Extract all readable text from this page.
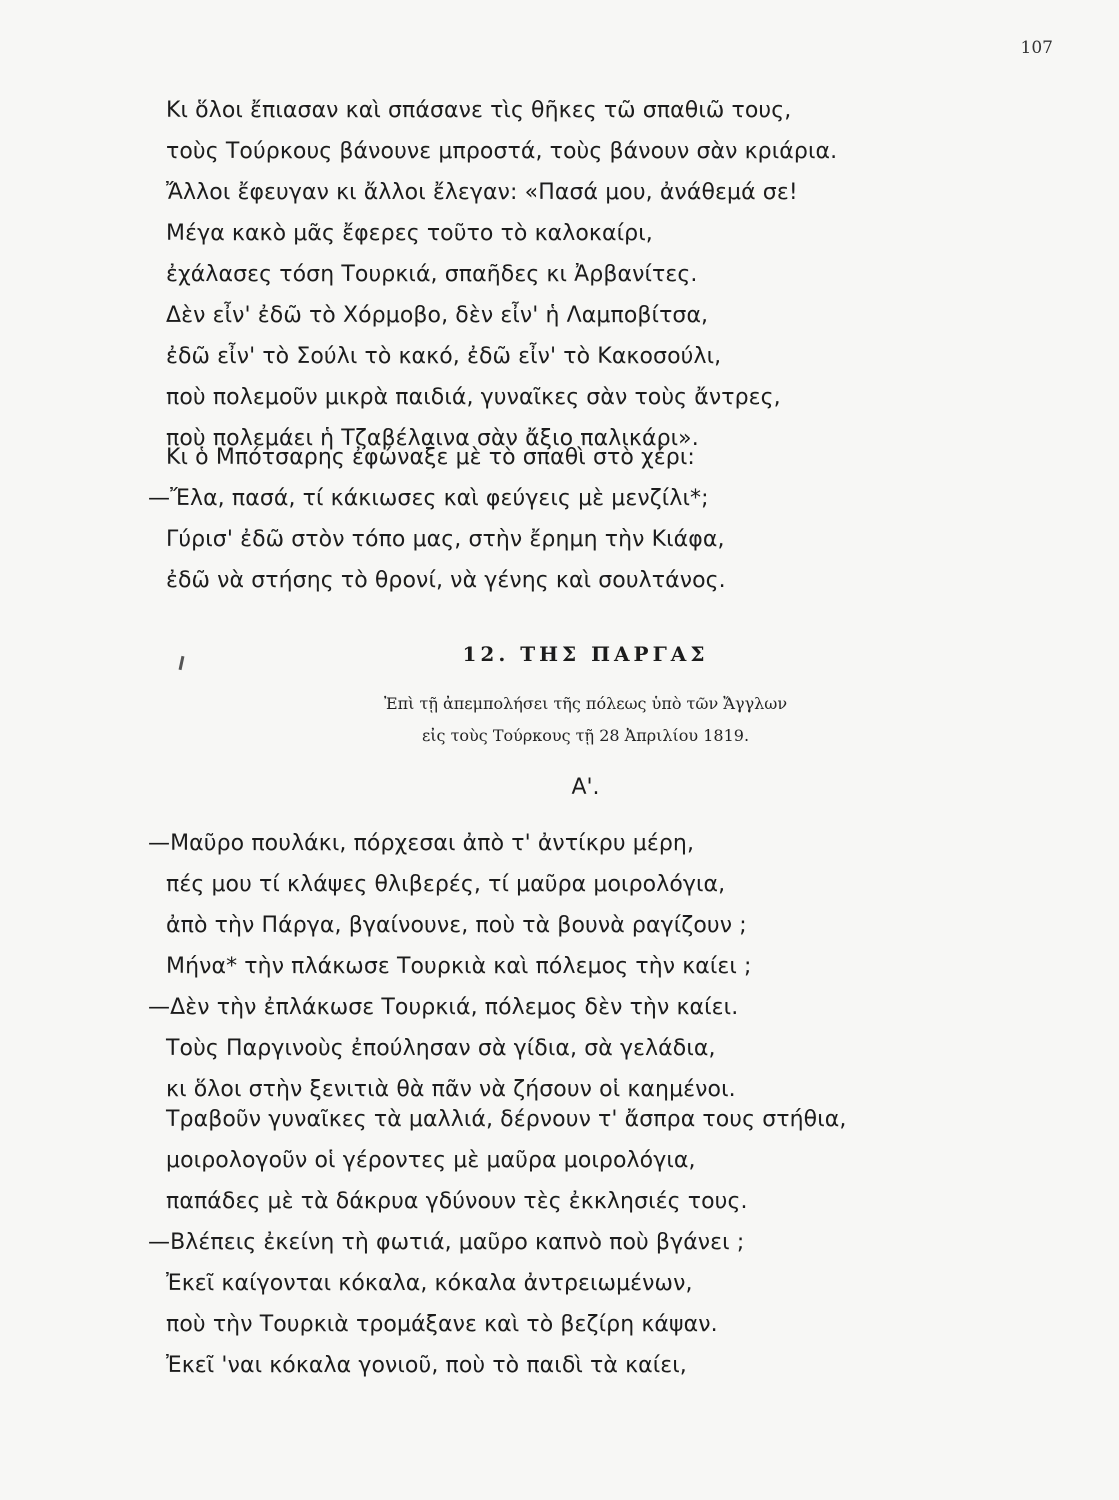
107
Κι ὅλοι ἔπιασαν καὶ σπάσανε τὶς θῆκες τῶ σπαθιῶ τους,
τοὺς Τούρκους βάνουνε μπροστά, τοὺς βάνουν σὰν κριάρια.
Ἄλλοι ἔφευγαν κι ἄλλοι ἔλεγαν: «Πασά μου, ἀνάθεμά σε!
Μέγα κακὸ μᾶς ἔφερες τοῦτο τὸ καλοκαίρι,
ἐχάλασες τόση Τουρκιά, σπαῆδες κι Ἀρβανίτες.
Δὲν εἶν' ἐδῶ τὸ Χόρμοβο, δὲν εἶν' ἡ Λαμποβίτσα,
ἐδῶ εἶν' τὸ Σούλι τὸ κακό, ἐδῶ εἶν' τὸ Κακοσούλι,
ποὺ πολεμοῦν μικρὰ παιδιά, γυναῖκες σὰν τοὺς ἄντρες,
ποὺ πολεμάει ἡ Τζαβέλαινα σὰν ἄξιο παλικάρι».
Κι ὁ Μπότσαρης ἐφώναξε μὲ τὸ σπαθὶ στὸ χέρι:
—Ἔλα, πασά, τί κάκιωσες καὶ φεύγεις μὲ μενζίλι*;
Γύρισ' ἐδῶ στὸν τόπο μας, στὴν ἔρημη τὴν Κιάφα,
ἐδῶ νὰ στήσης τὸ θρονί, νὰ γένης καὶ σουλτάνος.
12. ΤΗΣ ΠΑΡΓΑΣ
Ἐπὶ τῇ ἀπεμπολήσει τῆς πόλεως ὑπὸ τῶν Ἄγγλων
εἰς τοὺς Τούρκους τῇ 28 Ἀπριλίου 1819.
Α'.
—Μαῦρο πουλάκι, πόρχεσαι ἀπὸ τ' ἀντίκρυ μέρη,
πές μου τί κλάψες θλιβερές, τί μαῦρα μοιρολόγια,
ἀπὸ τὴν Πάργα, βγαίνουνε, ποὺ τὰ βουνὰ ραγίζουν ;
Μήνα* τὴν πλάκωσε Τουρκιὰ καὶ πόλεμος τὴν καίει ;
—Δὲν τὴν ἐπλάκωσε Τουρκιά, πόλεμος δὲν τὴν καίει.
Τοὺς Παργινοὺς ἐπούλησαν σὰ γίδια, σὰ γελάδια,
κι ὅλοι στὴν ξενιτιὰ θὰ πᾶν νὰ ζήσουν οἱ καημένοι.
Τραβοῦν γυναῖκες τὰ μαλλιά, δέρνουν τ' ἄσπρα τους στήθια,
μοιρολογοῦν οἱ γέροντες μὲ μαῦρα μοιρολόγια,
παπάδες μὲ τὰ δάκρυα γδύνουν τὲς ἐκκλησιές τους.
—Βλέπεις ἐκείνη τὴ φωτιά, μαῦρο καπνὸ ποὺ βγάνει ;
Ἐκεῖ καίγονται κόκαλα, κόκαλα ἀντρειωμένων,
ποὺ τὴν Τουρκιὰ τρομάξανε καὶ τὸ βεζίρη κάψαν.
Ἐκεῖ 'ναι κόκαλα γονιοῦ, ποὺ τὸ παιδὶ τὰ καίει,
